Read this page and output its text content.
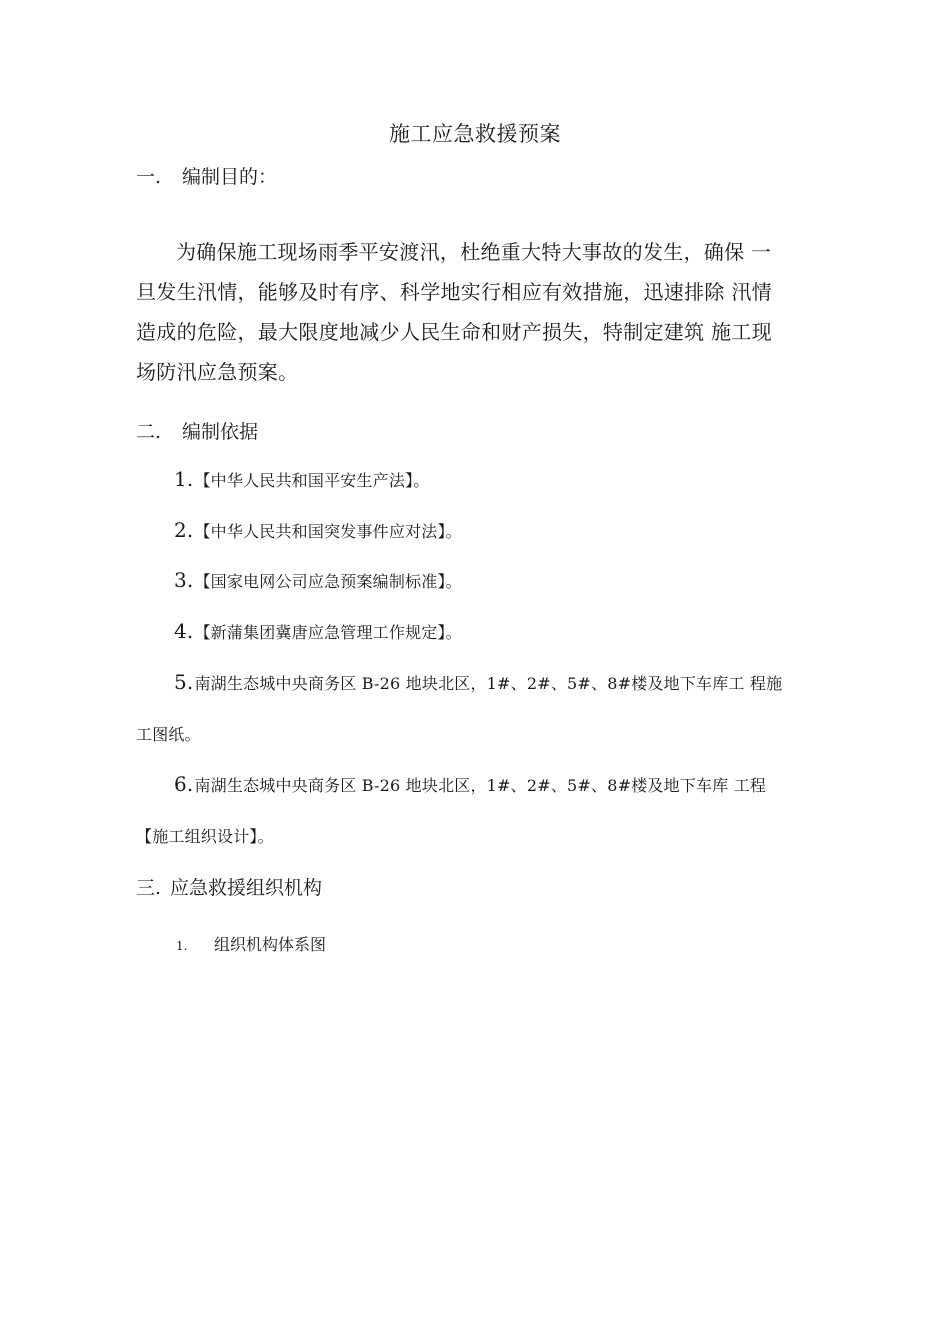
施工应急救援预案
一. 编制目的：
为确保施工现场雨季平安渡汛，杜绝重大特大事故的发生，确保 一
旦发生汛情，能够及时有序、科学地实行相应有效措施，迅速排除 汛情
造成的危险，最大限度地减少人民生命和财产损失，特制定建筑 施工现
场防汛应急预案。
二. 编制依据
1.【中华人民共和国平安生产法】。
2.【中华人民共和国突发事件应对法】。
3.【国家电网公司应急预案编制标准】。
4.【新蒲集团冀唐应急管理工作规定】。
5.南湖生态城中央商务区 B-26 地块北区，1#、2#、5#、8#楼及地下车库工 程施
工图纸。
6.南湖生态城中央商务区 B-26 地块北区，1#、2#、5#、8#楼及地下车库 工程
【施工组织设计】。
三. 应急救援组织机构
1. 组织机构体系图
